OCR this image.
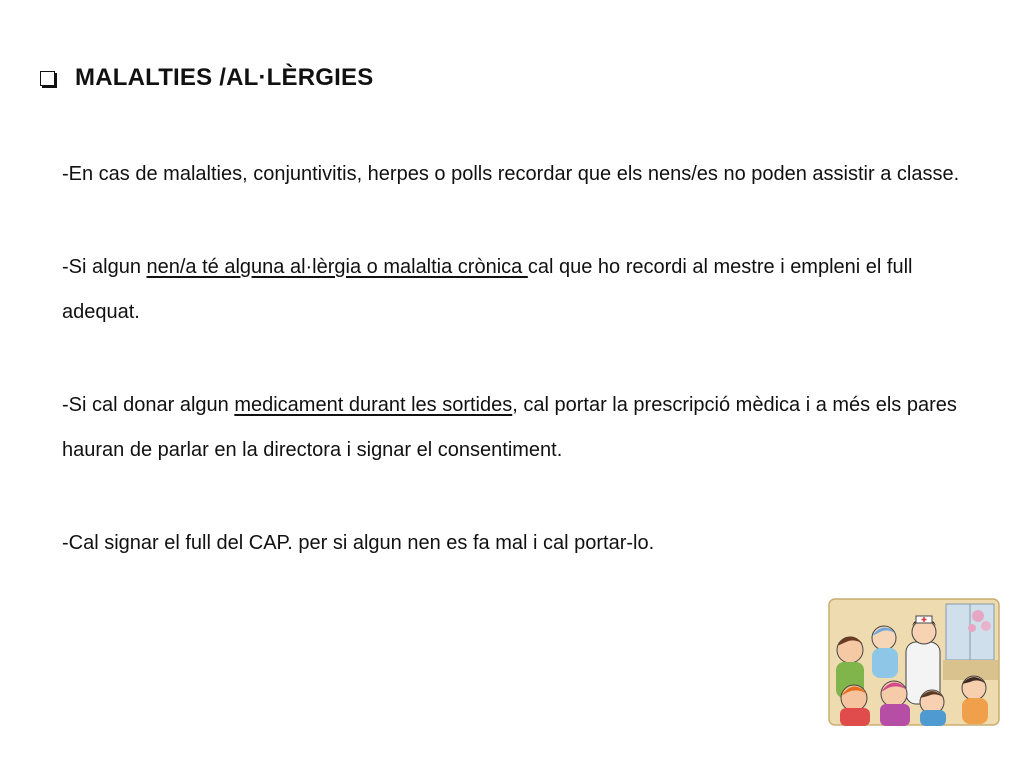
MALALTIES /AL·LÈRGIES

-En cas de malalties, conjuntivitis, herpes o polls recordar que els nens/es no poden assistir a classe.

-Si algun nen/a té alguna al·lèrgia o malaltia crònica cal que ho recordi al mestre i empleni el full adequat.

-Si cal donar algun medicament durant les sortides, cal portar la prescripció mèdica i a més els pares hauran de parlar en la directora i signar el consentiment.

-Cal signar el full del CAP. per si algun nen es fa mal i cal portar-lo.
